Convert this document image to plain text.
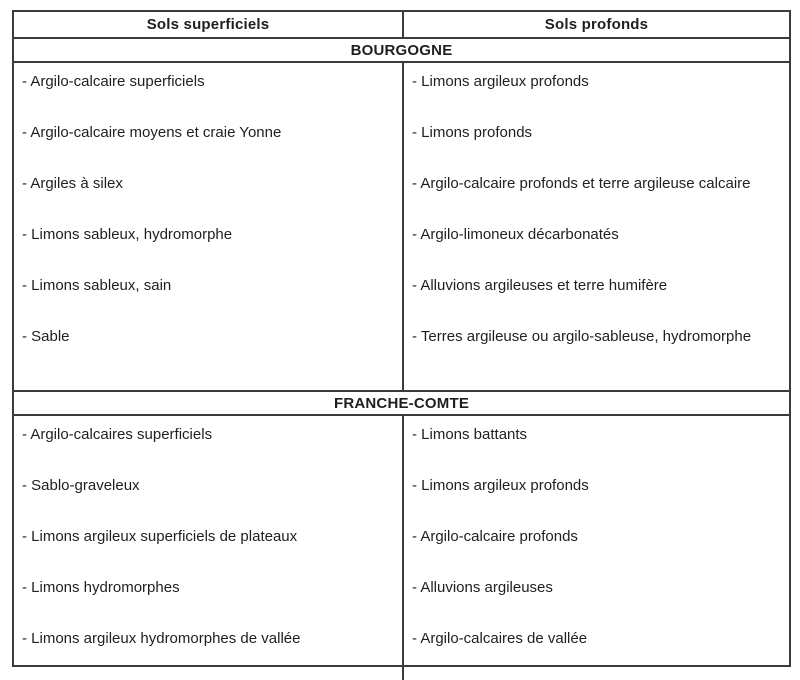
Sols superficiels	Sols profonds
BOURGOGNE

- Argilo-calcaire superficiels

- Argilo-calcaire moyens et craie Yonne

- Argiles à silex

- Limons sableux, hydromorphe

- Limons sableux, sain

- Sable

- Limons argileux profonds

- Limons profonds

- Argilo-calcaire profonds et terre argileuse calcaire

- Argilo-limoneux décarbonatés

- Alluvions argileuses et terre humifère

- Terres argileuse ou argilo-sableuse, hydromorphe

FRANCHE-COMTE

- Argilo-calcaires superficiels

- Sablo-graveleux

- Limons argileux superficiels de plateaux

- Limons hydromorphes

- Limons argileux hydromorphes de vallée

- Limons battants

- Limons argileux profonds

- Argilo-calcaire profonds

- Alluvions argileuses

- Argilo-calcaires de vallée
